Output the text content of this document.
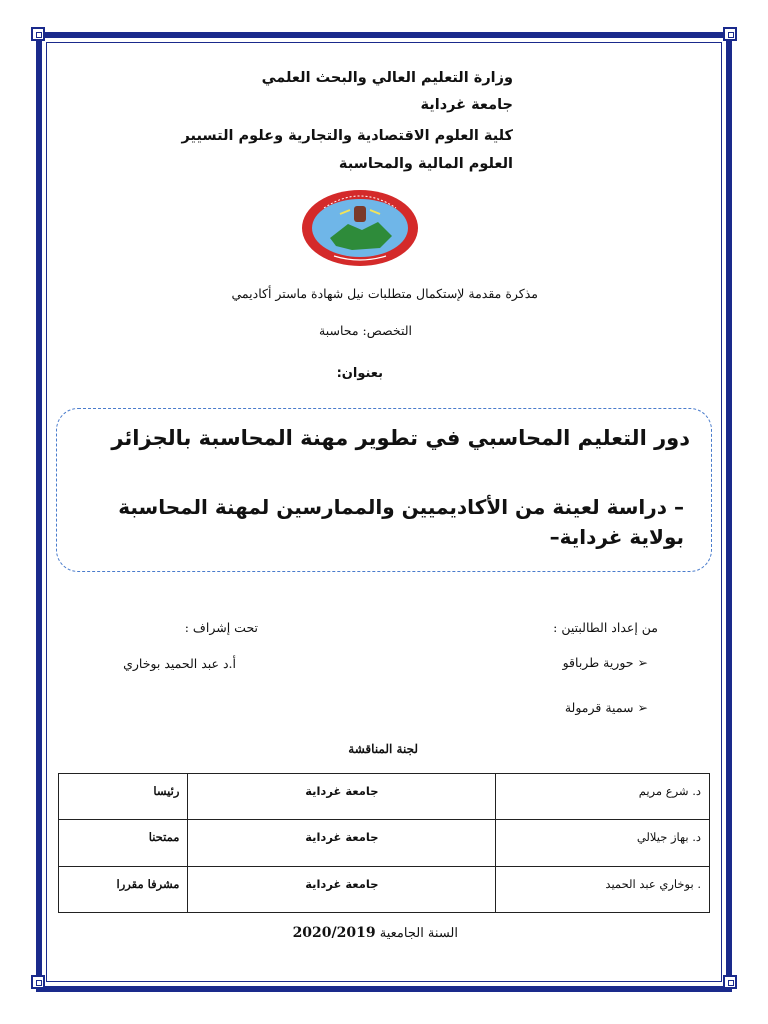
وزارة التعليم العالي والبحث العلمي
جامعة غرداية
كلية العلوم الاقتصادية والتجارية وعلوم التسيير
العلوم المالية والمحاسبة
مذكرة مقدمة لإستكمال متطلبات نيل شهادة ماستر أكاديمي
التخصص: محاسبة
بعنوان:
دور التعليم المحاسبي في تطوير مهنة المحاسبة بالجزائر
– دراسة لعينة من الأكاديميين والممارسين لمهنة المحاسبة بولاية غرداية–
من إعداد الطالبتين :
تحت إشراف :
➢ حورية طرباقو
➢ سمية قرمولة
أ.د عبد الحميد بوخاري
لجنة المناقشة
رئيسا	جامعة غرداية	د. شرع مريم
ممتحنا	جامعة غرداية	د. بهاز جيلالي
مشرفا مقررا	جامعة غرداية	. بوخاري عبد الحميد
السنة الجامعية 2020/2019
